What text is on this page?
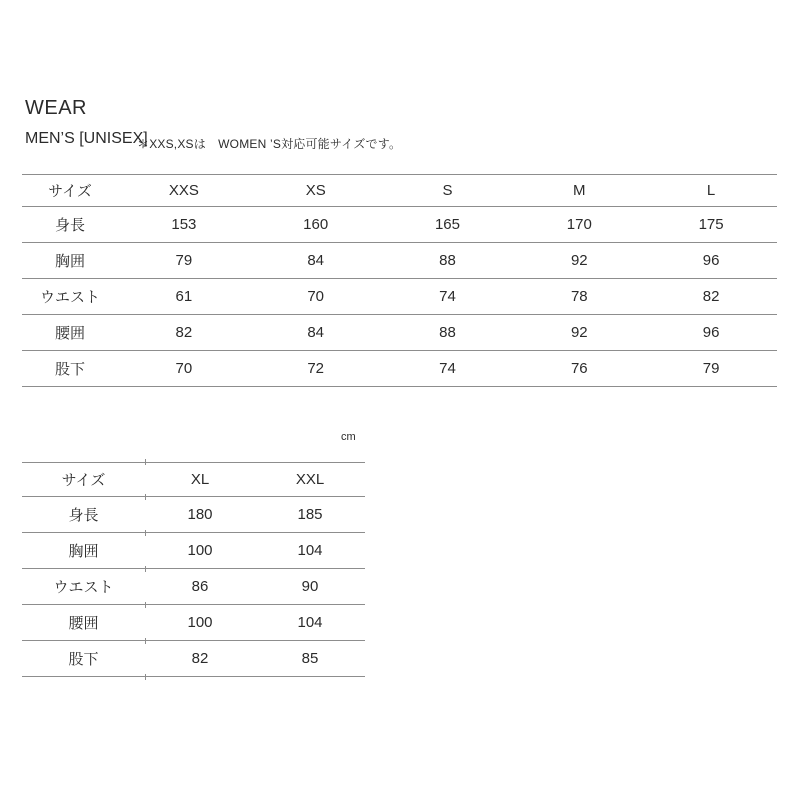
WEAR
MEN’S [UNISEX]
＊XXS,XSは　WOMEN ’S対応可能サイズです。
サイズ	XXS	XS	S	M	L
身長	153	160	165	170	175
胸囲	79	84	88	92	96
ウエスト	61	70	74	78	82
腰囲	82	84	88	92	96
股下	70	72	74	76	79
cm
サイズ	XL	XXL
身長	180	185
胸囲	100	104
ウエスト	86	90
腰囲	100	104
股下	82	85
